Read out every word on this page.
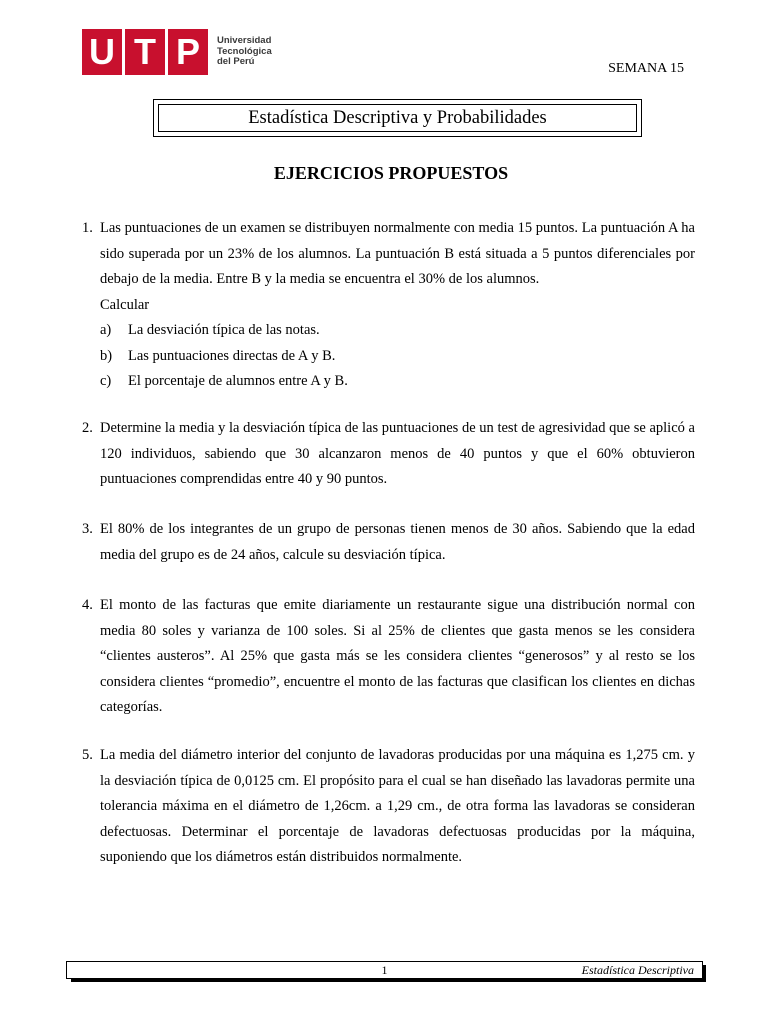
U T P	Universidad
Tecnológica
del Perú	SEMANA 15
Estadística Descriptiva y Probabilidades
EJERCICIOS PROPUESTOS
1. Las puntuaciones de un examen se distribuyen normalmente con media 15 puntos. La puntuación A ha sido superada por un 23% de los alumnos. La puntuación B está situada a 5 puntos diferenciales por debajo de la media. Entre B y la media se encuentra el 30% de los alumnos.
Calcular
a)	La desviación típica de las notas.
b)	Las puntuaciones directas de A y B.
c)	El porcentaje de alumnos entre A y B.
2. Determine la media y la desviación típica de las puntuaciones de un test de agresividad que se aplicó a 120 individuos, sabiendo que 30 alcanzaron menos de 40 puntos y que el 60% obtuvieron puntuaciones comprendidas entre 40 y 90 puntos.
3. El 80% de los integrantes de un grupo de personas tienen menos de 30 años. Sabiendo que la edad media del grupo es de 24 años, calcule su desviación típica.
4. El monto de las facturas que emite diariamente un restaurante sigue una distribución normal con media 80 soles y varianza de 100 soles. Si al 25% de clientes que gasta menos se les considera “clientes austeros”. Al 25% que gasta más se les considera clientes “generosos” y al resto se los considera clientes “promedio”, encuentre el monto de las facturas que clasifican los clientes en dichas categorías.
5. La media del diámetro interior del conjunto de lavadoras producidas por una máquina es 1,275 cm. y la desviación típica de 0,0125 cm. El propósito para el cual se han diseñado las lavadoras permite una tolerancia máxima en el diámetro de 1,26cm. a 1,29 cm., de otra forma las lavadoras se consideran defectuosas. Determinar el porcentaje de lavadoras defectuosas producidas por la máquina, suponiendo que los diámetros están distribuidos normalmente.
1	Estadística Descriptiva
